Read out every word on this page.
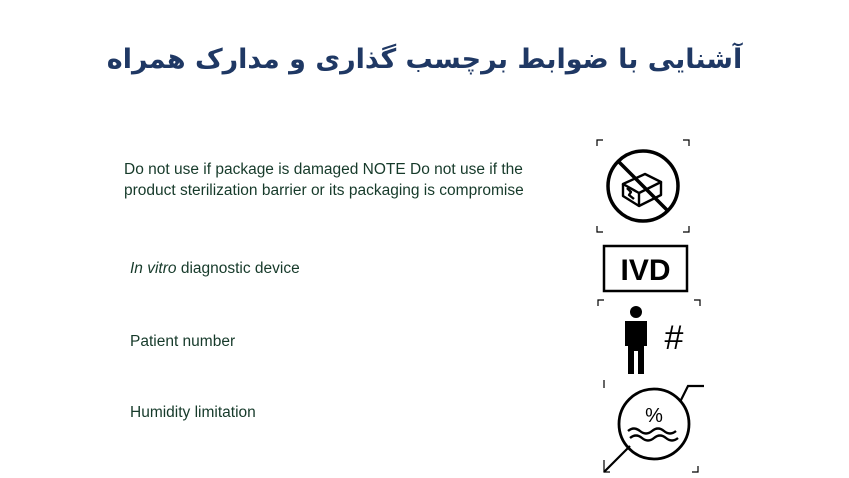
آشنایی با ضوابط برچسب گذاری و مدارک همراه
Do not use if package is damaged NOTE Do not use if the product sterilization barrier or its packaging is compromise
In vitro diagnostic device	IVD
Patient number	#
Humidity limitation	%
